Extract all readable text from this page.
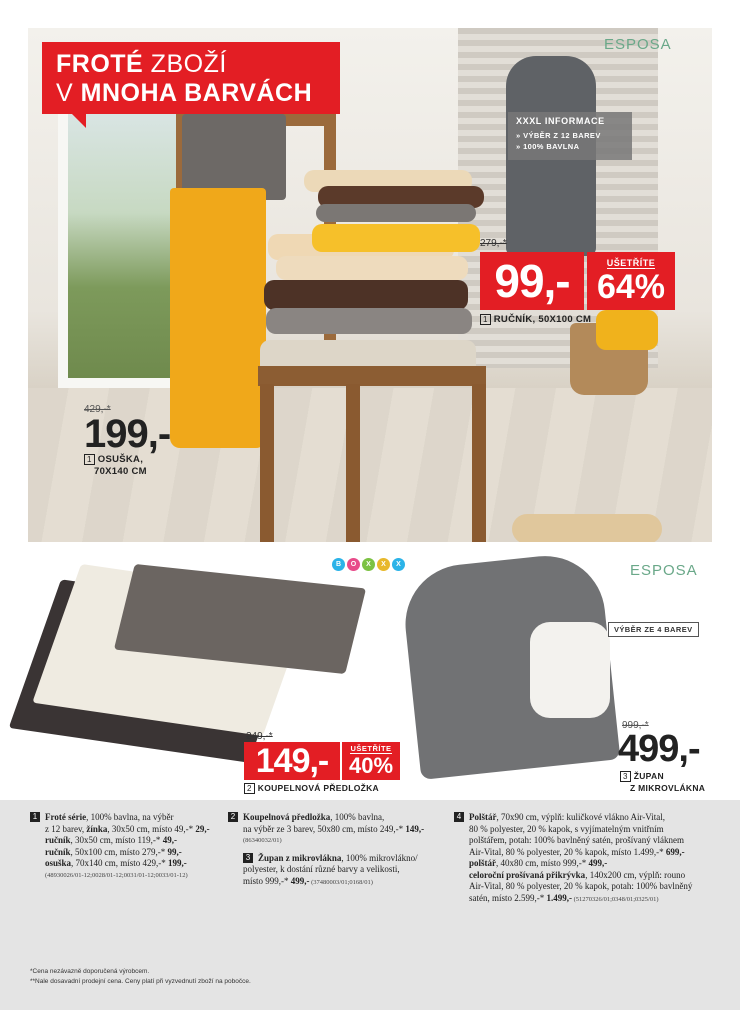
FROTÉ ZBOŽÍ
V MNOHA BARVÁCH
ESPOSA
XXXL INFORMACE
» VÝBĚR Z 12 BAREV
» 100% BAVLNA
279,-*
99,-	UŠETŘÍTE
64%
1 RUČNÍK, 50X100 CM
429,-*
199,-
1 OSUŠKA,
70X140 CM
B	O	X	X	X	ESPOSA
VÝBĚR ZE 4 BAREV
249,-*
149,-	UŠETŘÍTE
40%
2 KOUPELNOVÁ PŘEDLOŽKA
999,-*
499,-
3 ŽUPAN
Z MIKROVLÁKNA

1 Froté série, 100% bavlna, na výběr

z 12 barev, žínka, 30x50 cm, místo 49,-* 29,-

ručník, 30x50 cm, místo 119,-* 49,-

ručník, 50x100 cm, místo 279,-* 99,-

osuška, 70x140 cm, místo 429,-* 199,-

(48930026/01-12;0028/01-12;0031/01-12;0033/01-12)

2 Koupelnová předložka, 100% bavlna,

na výběr ze 3 barev, 50x80 cm, místo 249,-* 149,-

(86340032/01)

3 Župan z mikrovlákna, 100% mikrovlákno/

polyester, k dostání různé barvy a velikosti,

místo 999,-* 499,- (37480003/01;0168/01)

4 Polštář, 70x90 cm, výplň: kuličkové vlákno Air-Vital,

80 % polyester, 20 % kapok, s vyjímatelným vnitřním

polštářem, potah: 100% bavlněný satén, prošívaný vláknem

Air-Vital, 80 % polyester, 20 % kapok, místo 1.499,-* 699,-

polštář, 40x80 cm, místo 999,-* 499,-

celoroční prošívaná přikrývka, 140x200 cm, výplň: rouno

Air-Vital, 80 % polyester, 20 % kapok, potah: 100% bavlněný

satén, místo 2.599,-* 1.499,- (51270326/01;0348/01;0325/01)

*Cena nezávazně doporučená výrobcem.
**Nale dosavadní prodejní cena. Ceny platí při vyzvednutí zboží na pobočce.
